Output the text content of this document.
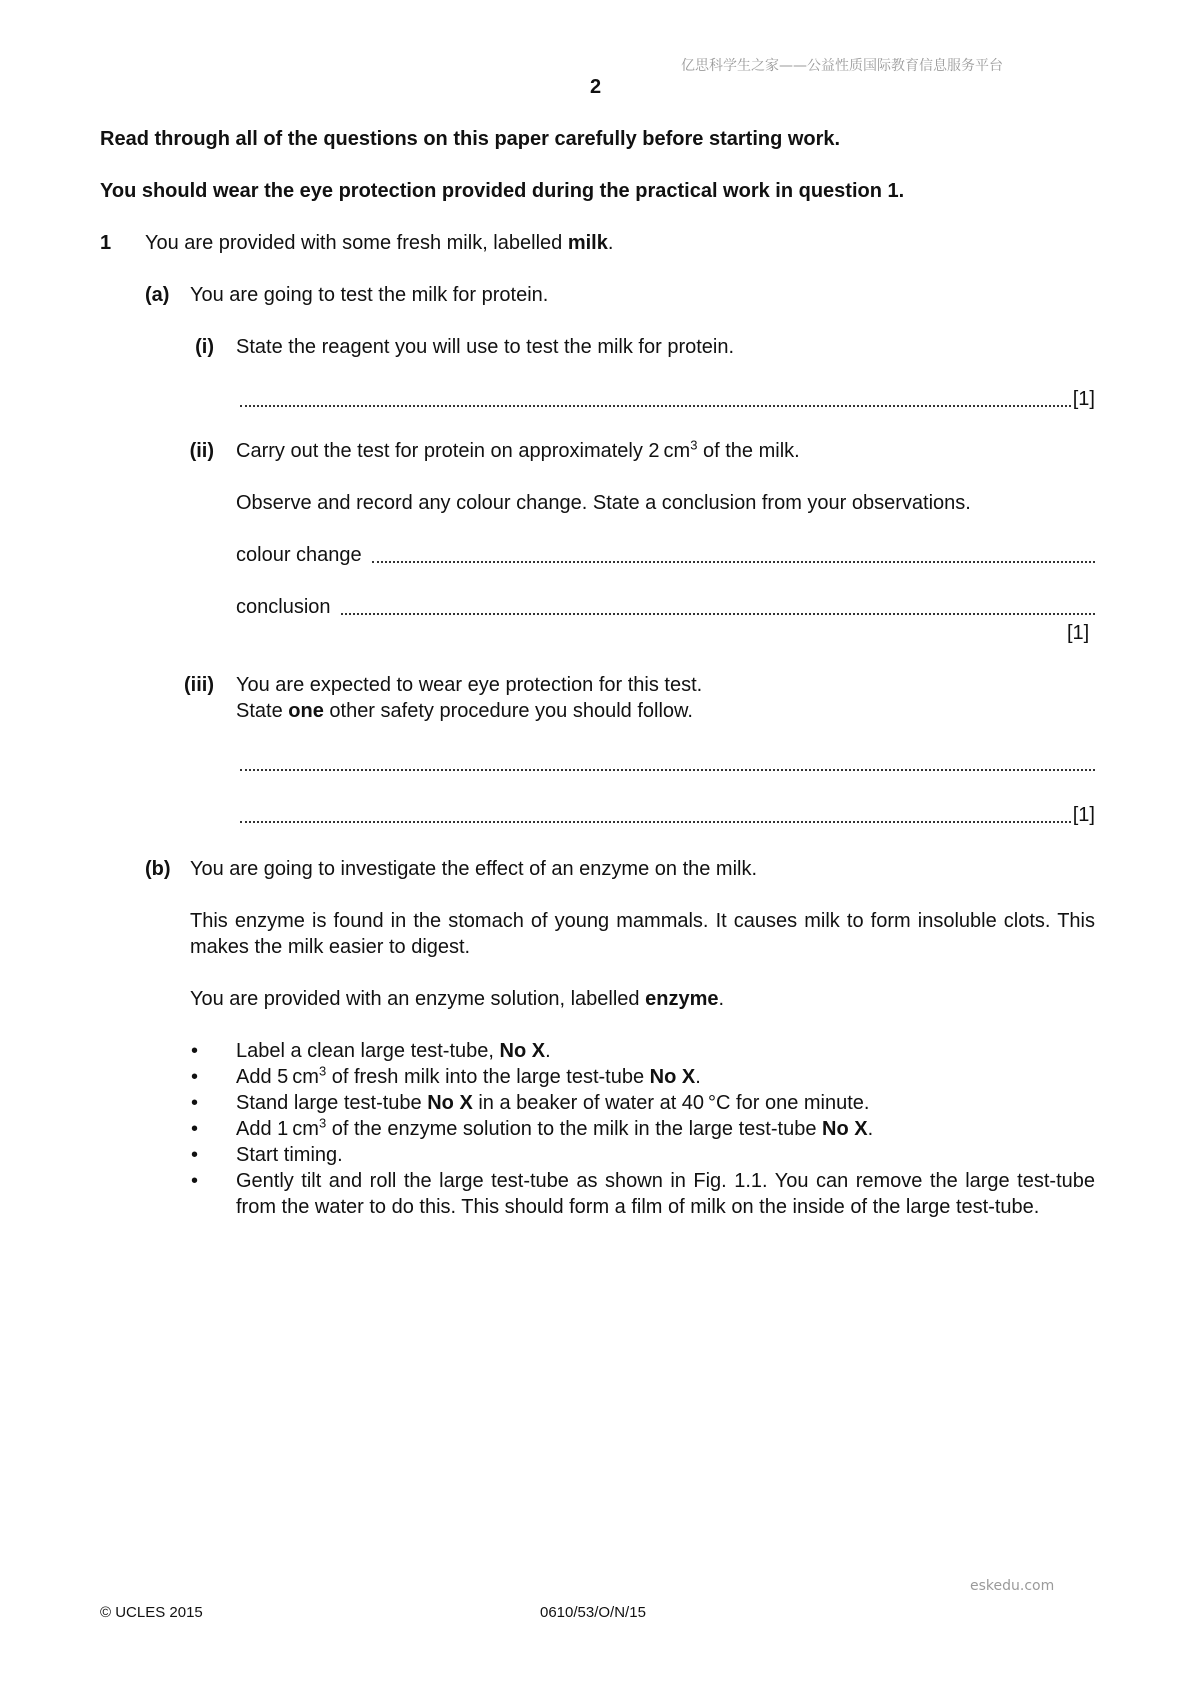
亿思科学生之家——公益性质国际教育信息服务平台
2
Read through all of the questions on this paper carefully before starting work.
You should wear the eye protection provided during the practical work in question 1.
1 You are provided with some fresh milk, labelled milk.
(a) You are going to test the milk for protein.
(i) State the reagent you will use to test the milk for protein.
[1]
(ii) Carry out the test for protein on approximately 2 $cm^3$ of the milk.
Observe and record any colour change. State a conclusion from your observations.
colour change
conclusion
[1]
(iii) You are expected to wear eye protection for this test.
State one other safety procedure you should follow.
[1]
(b) You are going to investigate the effect of an enzyme on the milk.
This enzyme is found in the stomach of young mammals. It causes milk to form insoluble clots. This makes the milk easier to digest.
You are provided with an enzyme solution, labelled enzyme.
• Label a clean large test-tube, No X.
• Add 5 $cm^3$ of fresh milk into the large test-tube No X.
• Stand large test-tube No X in a beaker of water at 40 °C for one minute.
• Add 1 $cm^3$ of the enzyme solution to the milk in the large test-tube No X.
• Start timing.
• Gently tilt and roll the large test-tube as shown in Fig. 1.1. You can remove the large test-tube from the water to do this. This should form a film of milk on the inside of the large test-tube.
eskedu.com
© UCLES 2015	0610/53/O/N/15
